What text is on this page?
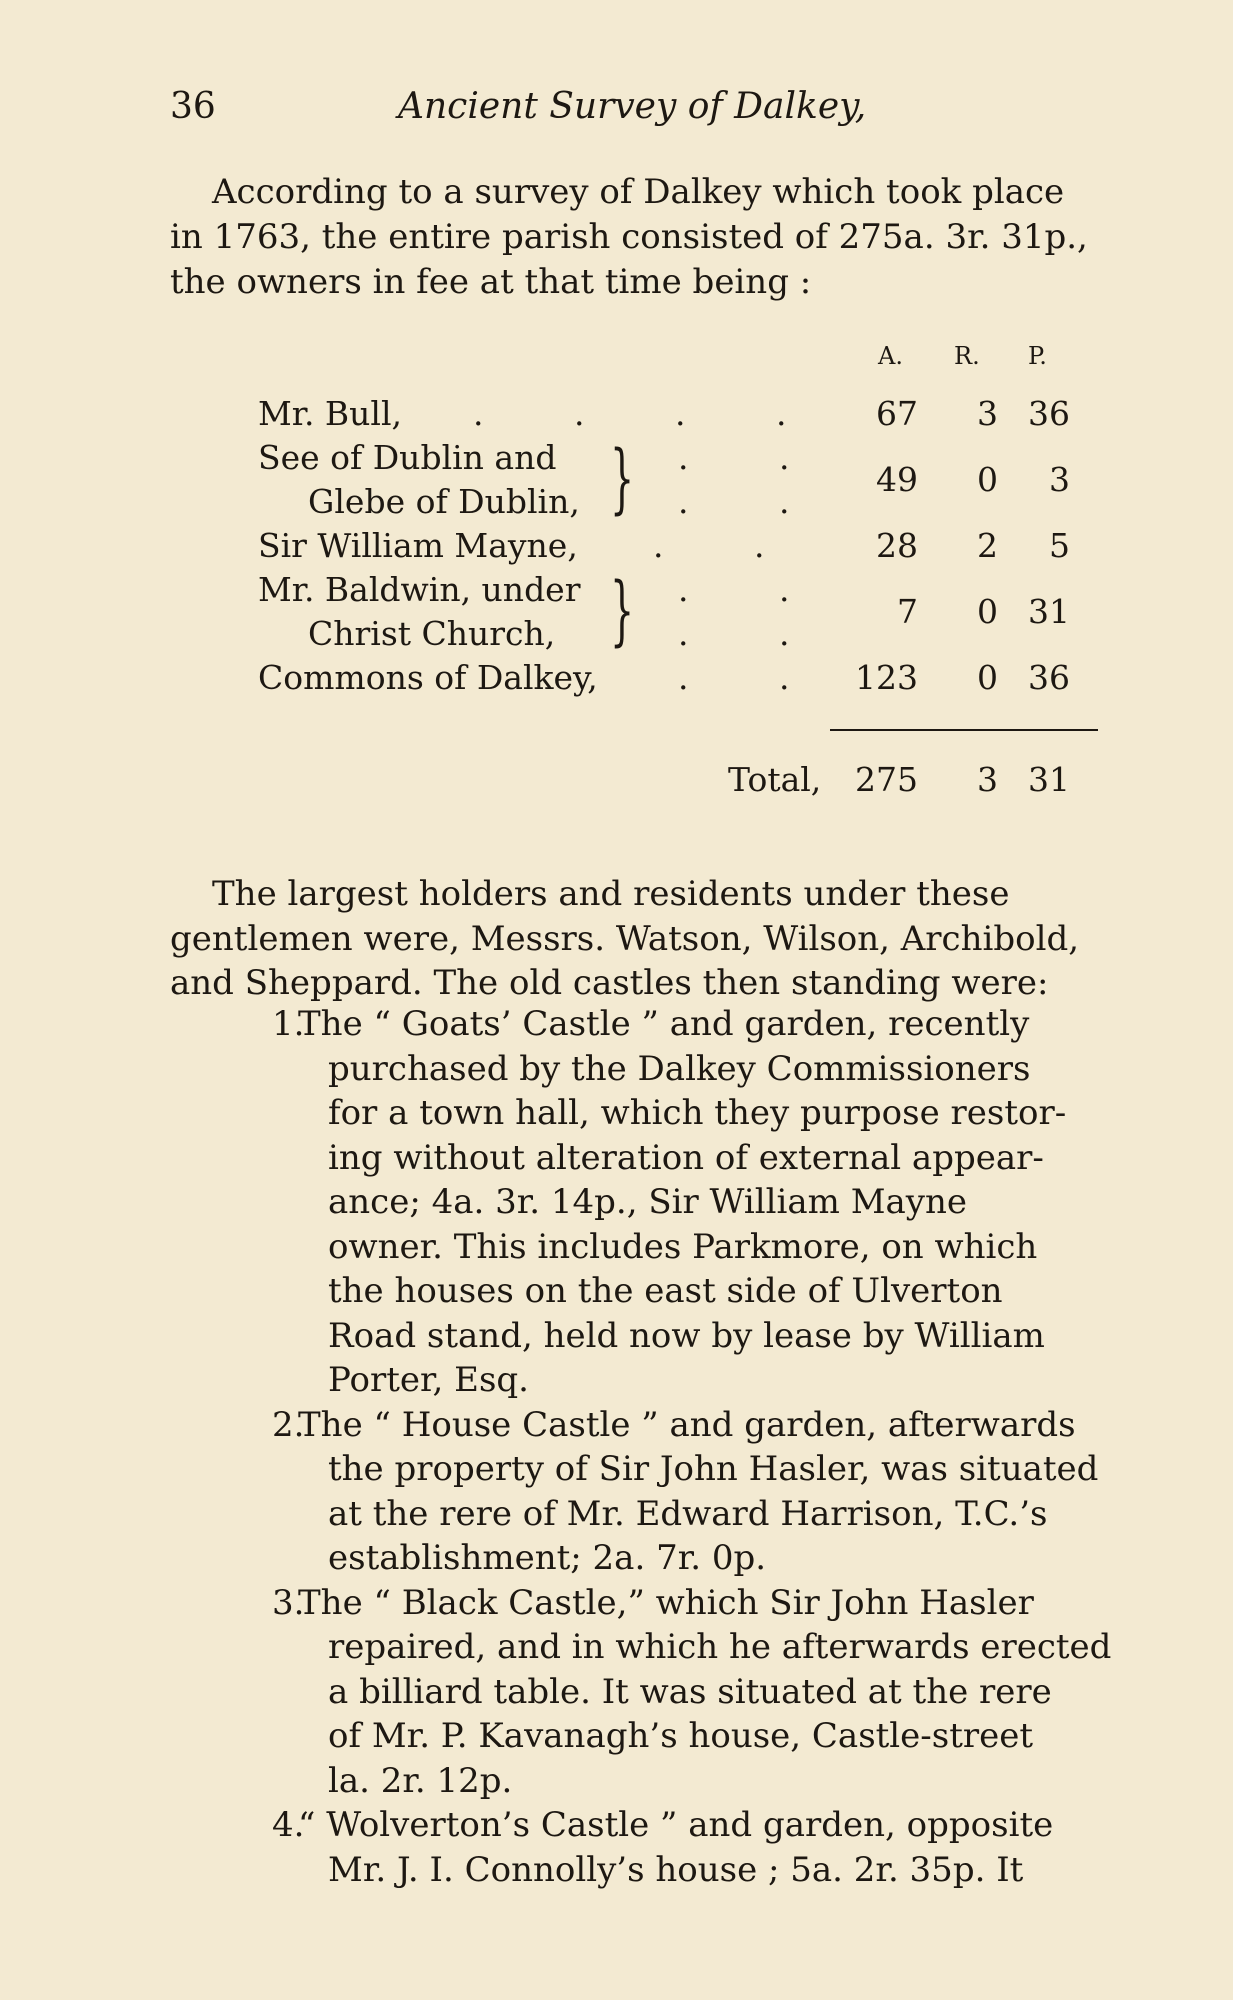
36	Ancient Survey of Dalkey,
According to a survey of Dalkey which took place
in 1763, the entire parish consisted of 275a. 3r. 31p.,
the owners in fee at that time being :
A. R. P.
Mr. Bull, . . . .	67	3 36
See of Dublin and
Glebe of Dublin, } . .
. .
49	0	3
Sir William Mayne, . .	28	2	5
Mr. Baldwin, under
Christ Church, } . .
. .
7	0 31
Commons of Dalkey, . . 123	0 36
Total,	275	3 31
The largest holders and residents under these
gentlemen were, Messrs. Watson, Wilson, Archibold,
and Sheppard. The old castles then standing were:
1.
The “ Goats’ Castle ” and garden, recently
purchased by the Dalkey Commissioners
for a town hall, which they purpose restor-
ing without alteration of external appear-
ance; 4a. 3r. 14p., Sir William Mayne
owner. This includes Parkmore, on which
the houses on the east side of Ulverton
Road stand, held now by lease by William
Porter, Esq.
2.
The “ House Castle ” and garden, afterwards
the property of Sir John Hasler, was situated
at the rere of Mr. Edward Harrison, T.C.’s
establishment; 2a. 7r. 0p.
3.
The “ Black Castle,” which Sir John Hasler
repaired, and in which he afterwards erected
a billiard table. It was situated at the rere
of Mr. P. Kavanagh’s house, Castle-street
la. 2r. 12p.
4.
“ Wolverton’s Castle ” and garden, opposite
Mr. J. I. Connolly’s house ; 5a. 2r. 35p. It
